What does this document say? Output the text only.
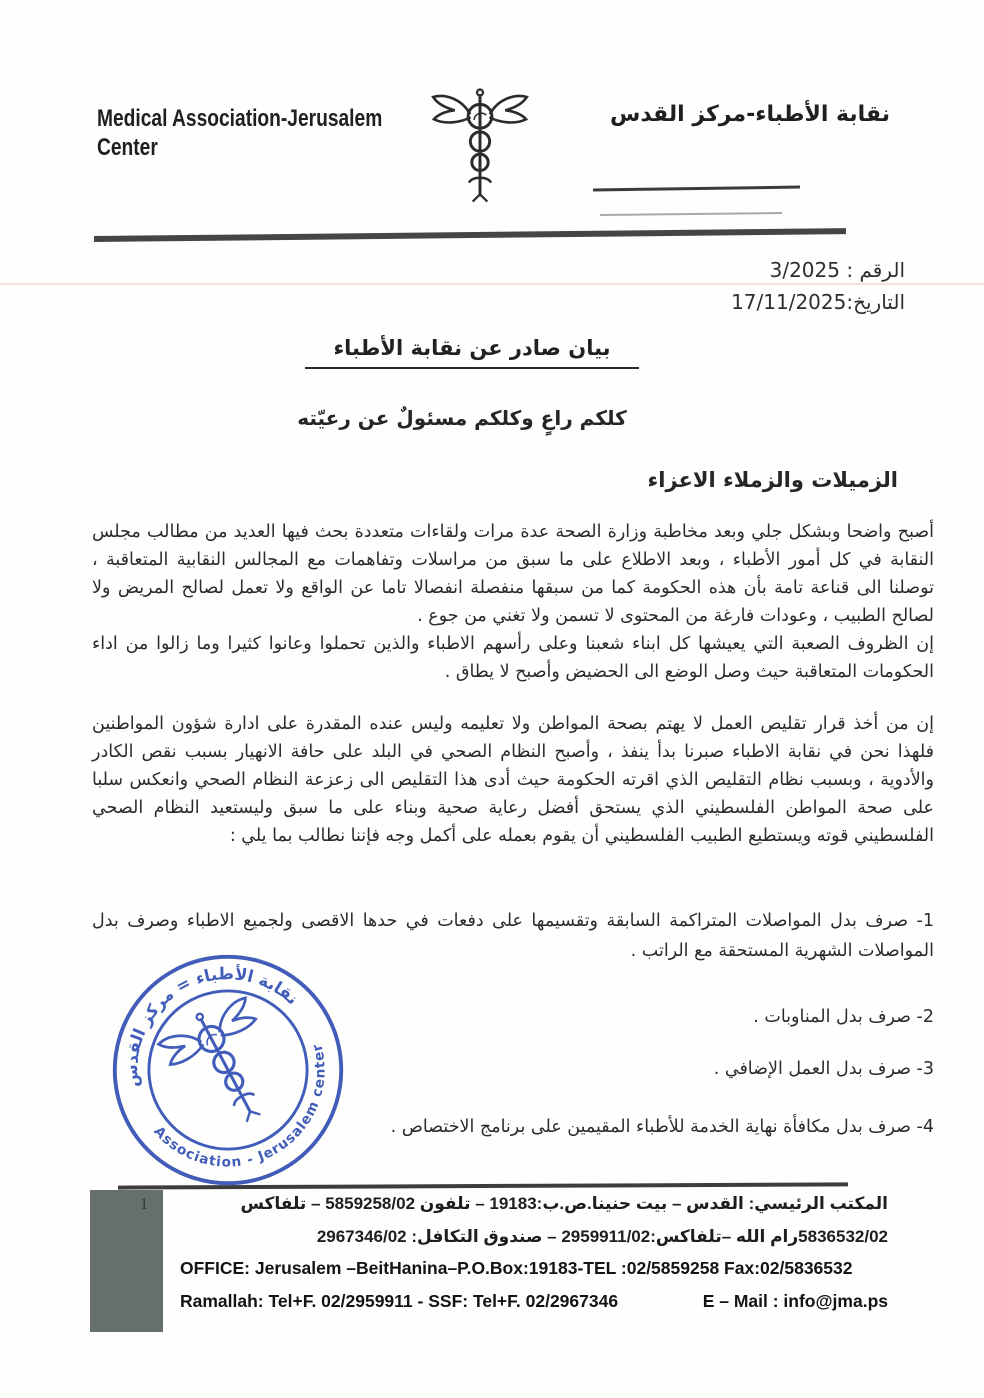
Medical Association-Jerusalem
Center
نقابة الأطباء-مركز القدس
الرقم : 3/2025
التاريخ:17/11/2025
بيان صادر عن نقابة الأطباء
كلكم راعٍ وكلكم مسئولٌ عن رعيّته
الزميلات والزملاء الاعزاء

أصبح واضحا وبشكل جلي وبعد مخاطبة وزارة الصحة عدة مرات ولقاءات متعددة بحث فيها العديد من مطالب مجلس النقابة في كل أمور الأطباء ، وبعد الاطلاع على ما سبق من مراسلات وتفاهمات مع المجالس النقابية المتعاقبة ، توصلنا الى قناعة تامة بأن هذه الحكومة كما من سبقها منفصلة انفصالا تاما عن الواقع ولا تعمل لصالح المريض ولا لصالح الطبيب ، وعودات فارغة من المحتوى لا تسمن ولا تغني من جوع .

إن الظروف الصعبة التي يعيشها كل ابناء شعبنا وعلى رأسهم الاطباء والذين تحملوا وعانوا كثيرا وما زالوا من اداء الحكومات المتعاقبة حيث وصل الوضع الى الحضيض وأصبح لا يطاق .

إن من أخذ قرار تقليص العمل لا يهتم بصحة المواطن ولا تعليمه وليس عنده المقدرة على ادارة شؤون المواطنين فلهذا نحن في نقابة الاطباء صبرنا بدأ ينفذ ، وأصبح النظام الصحي في البلد على حافة الانهيار بسبب نقص الكادر والأدوية ، وبسبب نظام التقليص الذي اقرته الحكومة حيث أدى هذا التقليص الى زعزعة النظام الصحي وانعكس سلبا على صحة المواطن الفلسطيني الذي يستحق أفضل رعاية صحية وبناء على ما سبق وليستعيد النظام الصحي الفلسطيني قوته ويستطيع الطبيب الفلسطيني أن يقوم بعمله على أكمل وجه فإننا نطالب بما يلي :

1- صرف بدل المواصلات المتراكمة السابقة وتقسيمها على دفعات في حدها الاقصى ولجميع الاطباء وصرف بدل المواصلات الشهرية المستحقة مع الراتب .
2- صرف بدل المناوبات .
3- صرف بدل العمل الإضافي .
4- صرف بدل مكافأة نهاية الخدمة للأطباء المقيمين على برنامج الاختصاص .
نقابة الأطباء = مركز القدس
Association - Jerusalem center
1	المكتب الرئيسي: القدس – بيت حنينا.ص.ب:19183 – تلفون 5859258/02 – تلفاكس
5836532/02رام الله –تلفاكس:2959911/02 – صندوق التكافل: 2967346/02
OFFICE: Jerusalem –BeitHanina–P.O.Box:19183-TEL :02/5859258 Fax:02/5836532
Ramallah: Tel+F. 02/2959911 - SSF: Tel+F. 02/2967346	E – Mail : info@jma.ps
